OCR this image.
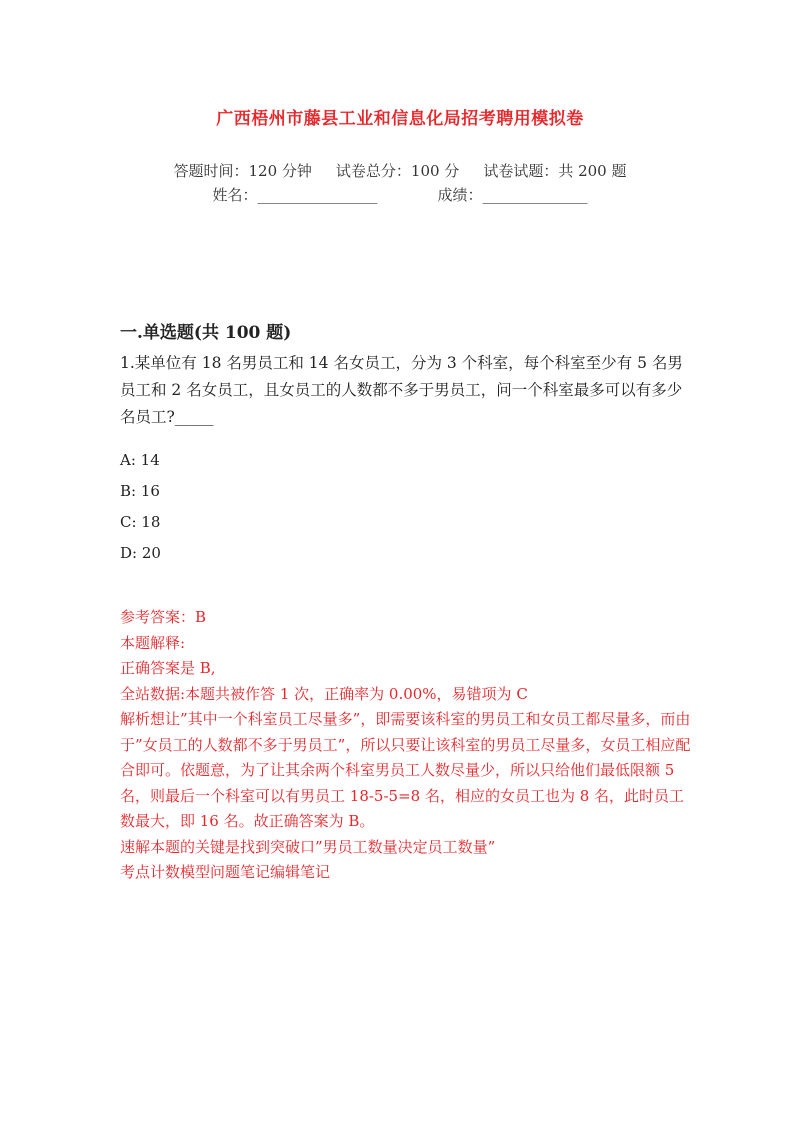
广西梧州市藤县工业和信息化局招考聘用模拟卷
答题时间：120 分钟 试卷总分：100 分 试卷试题：共 200 题
姓名：________________	成绩：______________
一.单选题(共 100 题)
1.某单位有 18 名男员工和 14 名女员工，分为 3 个科室，每个科室至少有 5 名男员工和 2 名女员工，且女员工的人数都不多于男员工，问一个科室最多可以有多少名员工?_____
A: 14
B: 16
C: 18
D: 20
参考答案：B
本题解释:
正确答案是 B,
全站数据:本题共被作答 1 次，正确率为 0.00%，易错项为 C
解析想让”其中一个科室员工尽量多”，即需要该科室的男员工和女员工都尽量多，而由于”女员工的人数都不多于男员工”，所以只要让该科室的男员工尽量多，女员工相应配合即可。依题意，为了让其余两个科室男员工人数尽量少，所以只给他们最低限额 5 名，则最后一个科室可以有男员工 18-5-5=8 名，相应的女员工也为 8 名，此时员工数最大，即 16 名。故正确答案为 B。
速解本题的关键是找到突破口”男员工数量决定员工数量”
考点计数模型问题笔记编辑笔记
